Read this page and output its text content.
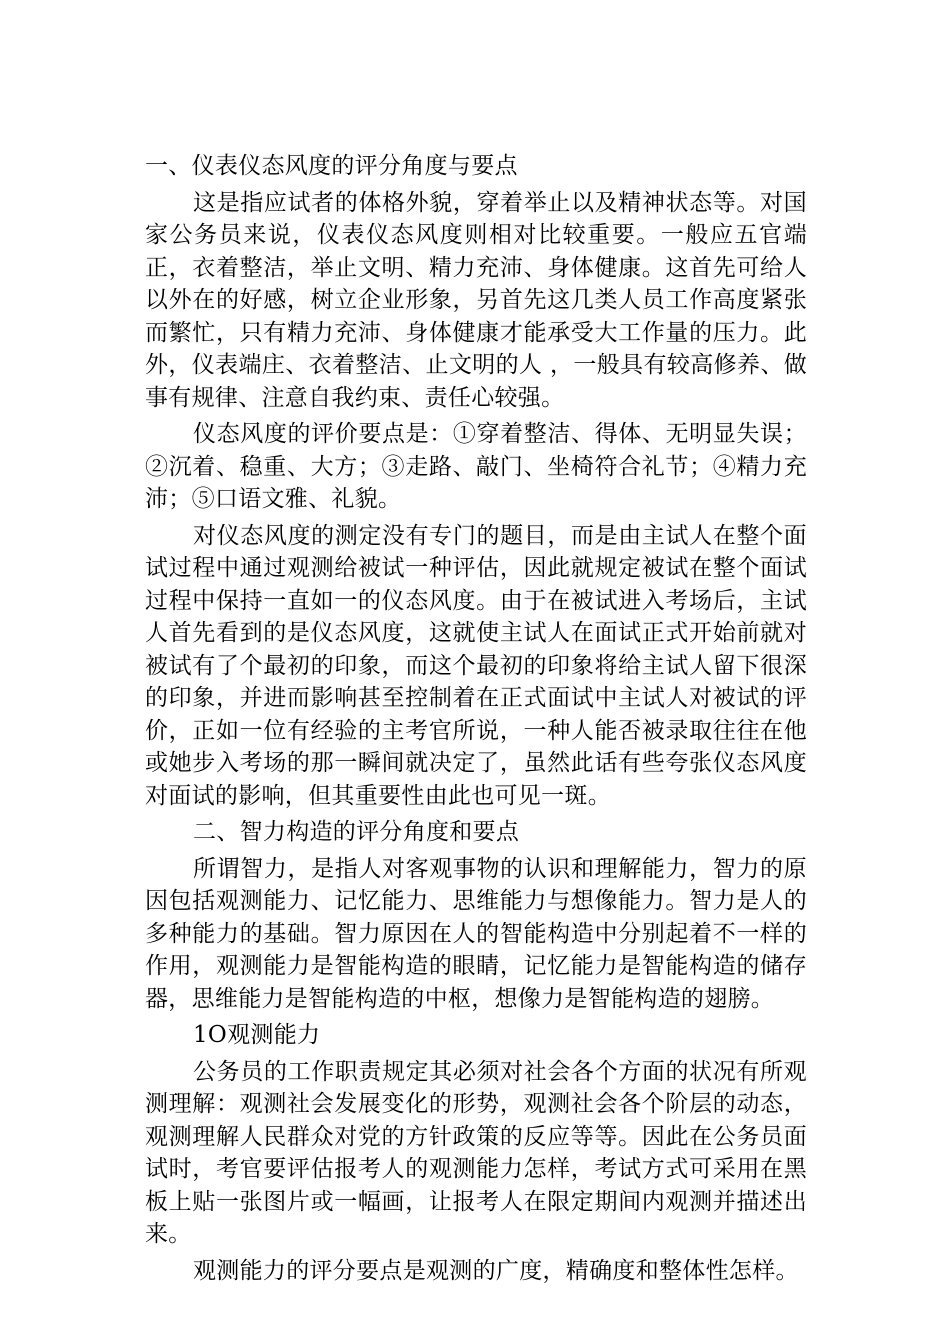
一、仪表仪态风度的评分角度与要点

这是指应试者的体格外貌，穿着举止以及精神状态等。对国家公务员来说，仪表仪态风度则相对比较重要。一般应五官端正，衣着整洁，举止文明、精力充沛、身体健康。这首先可给人以外在的好感，树立企业形象，另首先这几类人员工作高度紧张而繁忙，只有精力充沛、身体健康才能承受大工作量的压力。此外，仪表端庄、衣着整洁、止文明的人 ，一般具有较高修养、做事有规律、注意自我约束、责任心较强。

仪态风度的评价要点是：①穿着整洁、得体、无明显失误；②沉着、稳重、大方；③走路、敲门、坐椅符合礼节；④精力充沛；⑤口语文雅、礼貌。

对仪态风度的测定没有专门的题目，而是由主试人在整个面试过程中通过观测给被试一种评估，因此就规定被试在整个面试过程中保持一直如一的仪态风度。由于在被试进入考场后，主试人首先看到的是仪态风度，这就使主试人在面试正式开始前就对被试有了个最初的印象，而这个最初的印象将给主试人留下很深的印象，并进而影响甚至控制着在正式面试中主试人对被试的评价，正如一位有经验的主考官所说，一种人能否被录取往往在他或她步入考场的那一瞬间就决定了，虽然此话有些夸张仪态风度对面试的影响，但其重要性由此也可见一斑。

二、智力构造的评分角度和要点

所谓智力，是指人对客观事物的认识和理解能力，智力的原因包括观测能力、记忆能力、思维能力与想像能力。智力是人的多种能力的基础。智力原因在人的智能构造中分别起着不一样的作用，观测能力是智能构造的眼睛，记忆能力是智能构造的储存器，思维能力是智能构造的中枢，想像力是智能构造的翅膀。

1O观测能力

公务员的工作职责规定其必须对社会各个方面的状况有所观测理解：观测社会发展变化的形势，观测社会各个阶层的动态，观测理解人民群众对党的方针政策的反应等等。因此在公务员面试时，考官要评估报考人的观测能力怎样，考试方式可采用在黑板上贴一张图片或一幅画，让报考人在限定期间内观测并描述出来。

观测能力的评分要点是观测的广度，精确度和整体性怎样。
